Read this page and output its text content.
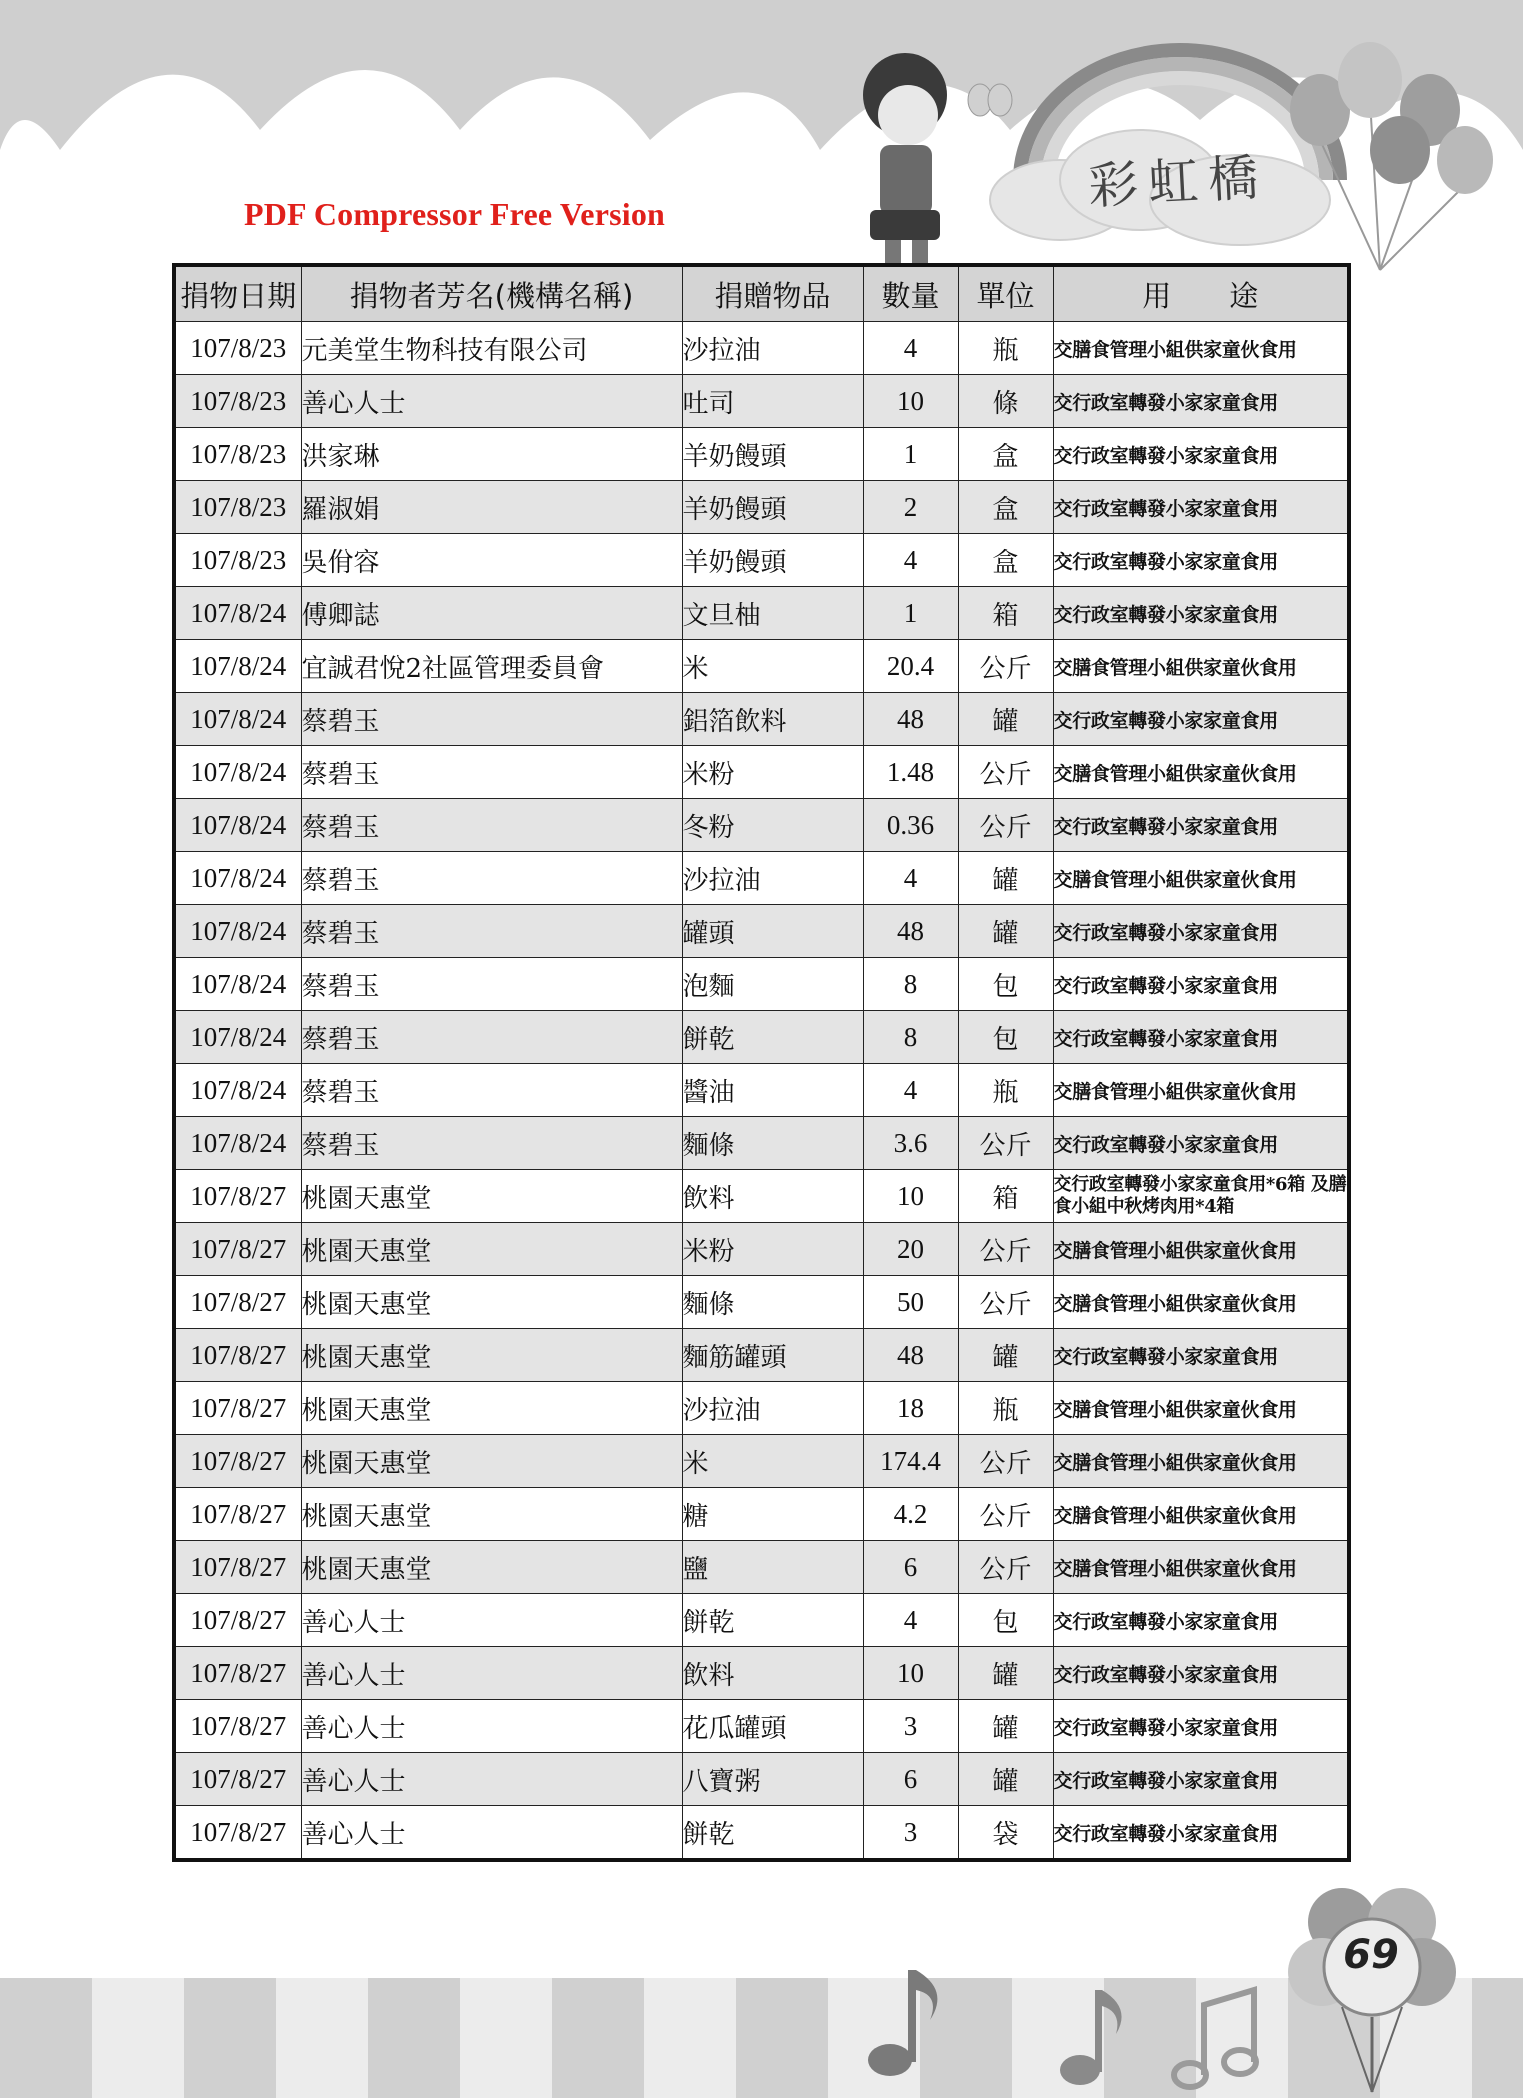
彩虹橋
PDF Compressor Free Version
捐物日期	捐物者芳名(機構名稱)	捐贈物品	數量	單位	用　　途
107/8/23	元美堂生物科技有限公司	沙拉油	4	瓶	交膳食管理小組供家童伙食用
107/8/23	善心人士	吐司	10	條	交行政室轉發小家家童食用
107/8/23	洪家琳	羊奶饅頭	1	盒	交行政室轉發小家家童食用
107/8/23	羅淑娟	羊奶饅頭	2	盒	交行政室轉發小家家童食用
107/8/23	吳佾容	羊奶饅頭	4	盒	交行政室轉發小家家童食用
107/8/24	傅卿誌	文旦柚	1	箱	交行政室轉發小家家童食用
107/8/24	宜誠君悅2社區管理委員會	米	20.4	公斤	交膳食管理小組供家童伙食用
107/8/24	蔡碧玉	鋁箔飲料	48	罐	交行政室轉發小家家童食用
107/8/24	蔡碧玉	米粉	1.48	公斤	交膳食管理小組供家童伙食用
107/8/24	蔡碧玉	冬粉	0.36	公斤	交行政室轉發小家家童食用
107/8/24	蔡碧玉	沙拉油	4	罐	交膳食管理小組供家童伙食用
107/8/24	蔡碧玉	罐頭	48	罐	交行政室轉發小家家童食用
107/8/24	蔡碧玉	泡麵	8	包	交行政室轉發小家家童食用
107/8/24	蔡碧玉	餅乾	8	包	交行政室轉發小家家童食用
107/8/24	蔡碧玉	醬油	4	瓶	交膳食管理小組供家童伙食用
107/8/24	蔡碧玉	麵條	3.6	公斤	交行政室轉發小家家童食用
107/8/27	桃園天惠堂	飲料	10	箱	交行政室轉發小家家童食用*6箱 及膳食小組中秋烤肉用*4箱
107/8/27	桃園天惠堂	米粉	20	公斤	交膳食管理小組供家童伙食用
107/8/27	桃園天惠堂	麵條	50	公斤	交膳食管理小組供家童伙食用
107/8/27	桃園天惠堂	麵筋罐頭	48	罐	交行政室轉發小家家童食用
107/8/27	桃園天惠堂	沙拉油	18	瓶	交膳食管理小組供家童伙食用
107/8/27	桃園天惠堂	米	174.4	公斤	交膳食管理小組供家童伙食用
107/8/27	桃園天惠堂	糖	4.2	公斤	交膳食管理小組供家童伙食用
107/8/27	桃園天惠堂	鹽	6	公斤	交膳食管理小組供家童伙食用
107/8/27	善心人士	餅乾	4	包	交行政室轉發小家家童食用
107/8/27	善心人士	飲料	10	罐	交行政室轉發小家家童食用
107/8/27	善心人士	花瓜罐頭	3	罐	交行政室轉發小家家童食用
107/8/27	善心人士	八寶粥	6	罐	交行政室轉發小家家童食用
107/8/27	善心人士	餅乾	3	袋	交行政室轉發小家家童食用
69
